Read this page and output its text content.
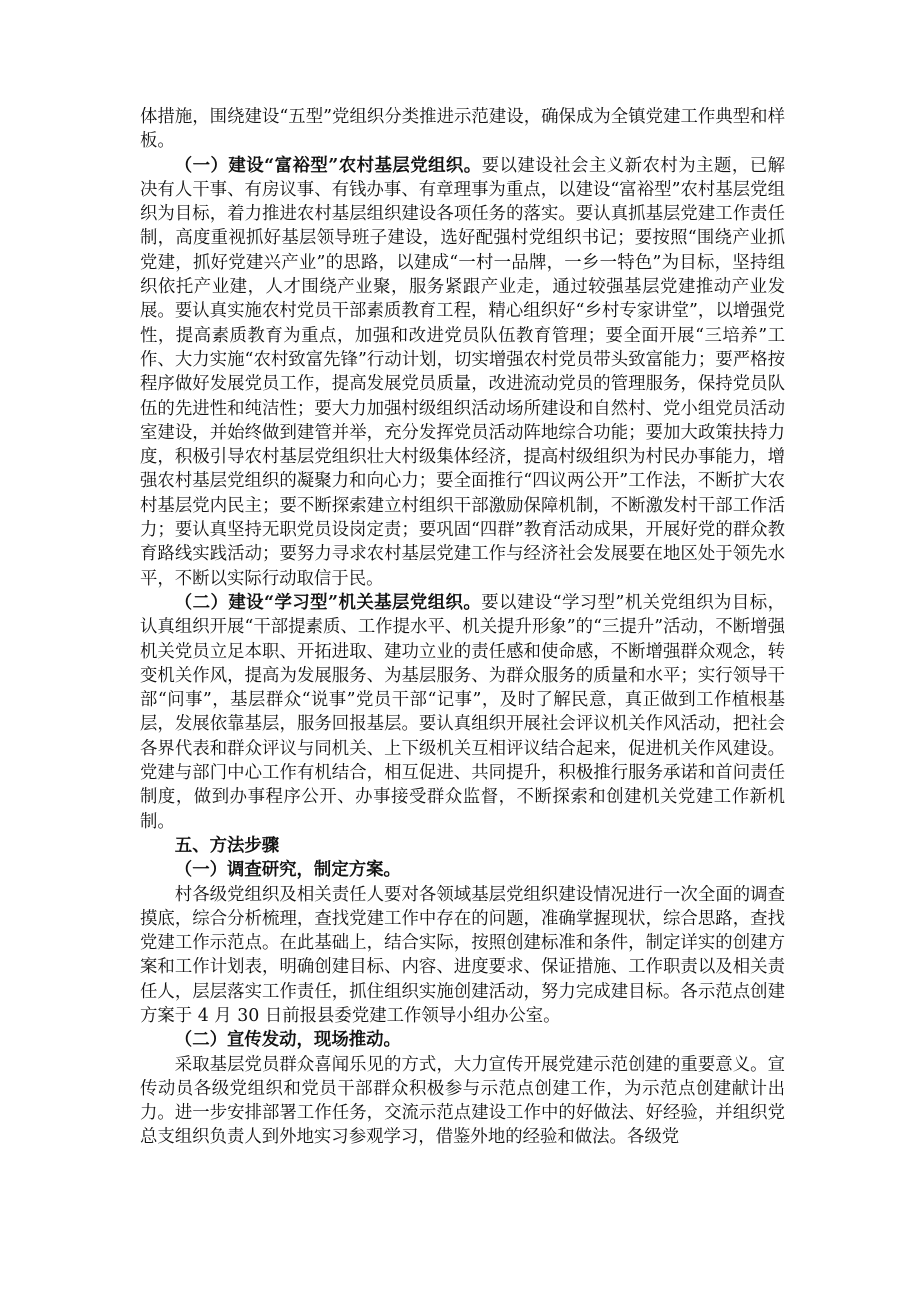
体措施，围绕建设“五型”党组织分类推进示范建设，确保成为全镇党建工作典型和样板。

（一）建设“富裕型”农村基层党组织。要以建设社会主义新农村为主题，已解决有人干事、有房议事、有钱办事、有章理事为重点，以建设“富裕型”农村基层党组织为目标，着力推进农村基层组织建设各项任务的落实。要认真抓基层党建工作责任制，高度重视抓好基层领导班子建设，选好配强村党组织书记；要按照“围绕产业抓党建，抓好党建兴产业”的思路，以建成“一村一品牌，一乡一特色”为目标，坚持组织依托产业建，人才围绕产业聚，服务紧跟产业走，通过较强基层党建推动产业发展。要认真实施农村党员干部素质教育工程，精心组织好“乡村专家讲堂”，以增强党性，提高素质教育为重点，加强和改进党员队伍教育管理；要全面开展“三培养”工作、大力实施“农村致富先锋”行动计划，切实增强农村党员带头致富能力；要严格按程序做好发展党员工作，提高发展党员质量，改进流动党员的管理服务，保持党员队伍的先进性和纯洁性；要大力加强村级组织活动场所建设和自然村、党小组党员活动室建设，并始终做到建管并举，充分发挥党员活动阵地综合功能；要加大政策扶持力度，积极引导农村基层党组织壮大村级集体经济，提高村级组织为村民办事能力，增强农村基层党组织的凝聚力和向心力；要全面推行“四议两公开”工作法，不断扩大农村基层党内民主；要不断探索建立村组织干部激励保障机制，不断激发村干部工作活力；要认真坚持无职党员设岗定责；要巩固“四群”教育活动成果，开展好党的群众教育路线实践活动；要努力寻求农村基层党建工作与经济社会发展要在地区处于领先水平，不断以实际行动取信于民。

（二）建设“学习型”机关基层党组织。要以建设“学习型”机关党组织为目标，认真组织开展“干部提素质、工作提水平、机关提升形象”的“三提升”活动，不断增强机关党员立足本职、开拓进取、建功立业的责任感和使命感，不断增强群众观念，转变机关作风，提高为发展服务、为基层服务、为群众服务的质量和水平；实行领导干部“问事”，基层群众“说事”党员干部“记事”，及时了解民意，真正做到工作植根基层，发展依靠基层，服务回报基层。要认真组织开展社会评议机关作风活动，把社会各界代表和群众评议与同机关、上下级机关互相评议结合起来，促进机关作风建设。党建与部门中心工作有机结合，相互促进、共同提升，积极推行服务承诺和首问责任制度，做到办事程序公开、办事接受群众监督，不断探索和创建机关党建工作新机制。

五、方法步骤

（一）调查研究，制定方案。

村各级党组织及相关责任人要对各领域基层党组织建设情况进行一次全面的调查摸底，综合分析梳理，查找党建工作中存在的问题，准确掌握现状，综合思路，查找党建工作示范点。在此基础上，结合实际，按照创建标准和条件，制定详实的创建方案和工作计划表，明确创建目标、内容、进度要求、保证措施、工作职责以及相关责任人，层层落实工作责任，抓住组织实施创建活动，努力完成建目标。各示范点创建方案于 4 月 30 日前报县委党建工作领导小组办公室。

（二）宣传发动，现场推动。

采取基层党员群众喜闻乐见的方式，大力宣传开展党建示范创建的重要意义。宣传动员各级党组织和党员干部群众积极参与示范点创建工作，为示范点创建献计出力。进一步安排部署工作任务，交流示范点建设工作中的好做法、好经验，并组织党总支组织负责人到外地实习参观学习，借鉴外地的经验和做法。各级党
